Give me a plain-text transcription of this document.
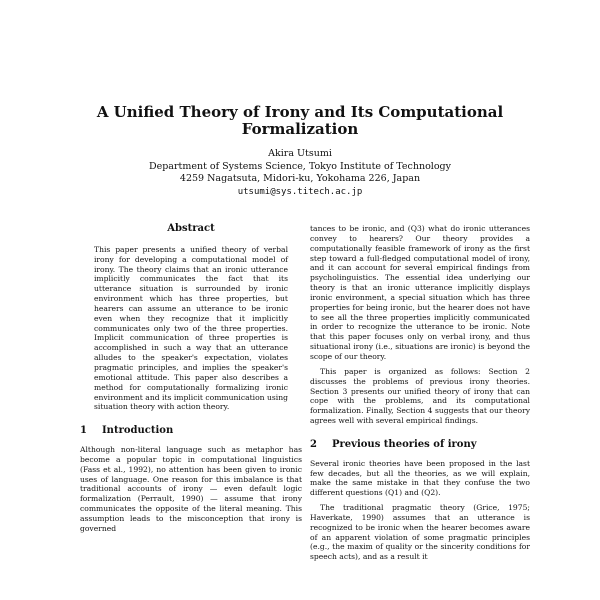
A Unified Theory of Irony and Its Computational
Formalization
Akira Utsumi
Department of Systems Science, Tokyo Institute of Technology
4259 Nagatsuta, Midori-ku, Yokohama 226, Japan
utsumi@sys.titech.ac.jp
Abstract

This paper presents a unified theory of verbal irony for developing a computational model of irony. The theory claims that an ironic utterance implicitly communicates the fact that its utterance situation is surrounded by ironic environment which has three properties, but hearers can assume an utterance to be ironic even when they recognize that it implicitly communicates only two of the three properties. Implicit communication of three properties is accomplished in such a way that an utterance alludes to the speaker's expectation, violates pragmatic principles, and implies the speaker's emotional attitude. This paper also describes a method for computationally formalizing ironic environment and its implicit communication using situation theory with action theory.

1 Introduction

Although non-literal language such as metaphor has become a popular topic in computational linguistics (Fass et al., 1992), no attention has been given to ironic uses of language. One reason for this imbalance is that traditional accounts of irony — even default logic formalization (Perrault, 1990) — assume that irony communicates the opposite of the literal meaning. This assumption leads to the misconception that irony is governed

tances to be ironic, and (Q3) what do ironic utterances convey to hearers? Our theory provides a computationally feasible framework of irony as the first step toward a full-fledged computational model of irony, and it can account for several empirical findings from psycholinguistics. The essential idea underlying our theory is that an ironic utterance implicitly displays ironic environment, a special situation which has three properties for being ironic, but the hearer does not have to see all the three properties implicitly communicated in order to recognize the utterance to be ironic. Note that this paper focuses only on verbal irony, and thus situational irony (i.e., situations are ironic) is beyond the scope of our theory.

This paper is organized as follows: Section 2 discusses the problems of previous irony theories. Section 3 presents our unified theory of irony that can cope with the problems, and its computational formalization. Finally, Section 4 suggests that our theory agrees well with several empirical findings.

2 Previous theories of irony

Several ironic theories have been proposed in the last few decades, but all the theories, as we will explain, make the same mistake in that they confuse the two different questions (Q1) and (Q2).

The traditional pragmatic theory (Grice, 1975; Haverkate, 1990) assumes that an utterance is recognized to be ironic when the hearer becomes aware of an apparent violation of some pragmatic principles (e.g., the maxim of quality or the sincerity conditions for speech acts), and as a result it
